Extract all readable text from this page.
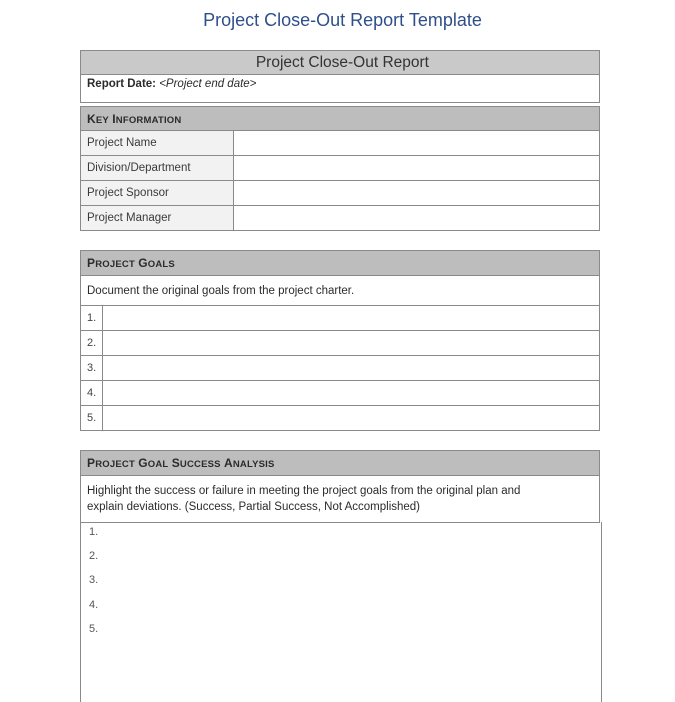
Project Close-Out Report Template
Project Close-Out Report
Report Date: <Project end date>
KEY INFORMATION	
Project Name	
Division/Department	
Project Sponsor	
Project Manager	
PROJECT GOALS	
Document the original goals from the project charter.	
1.	
2.	
3.	
4.	
5.	
PROJECT GOAL SUCCESS ANALYSIS

Highlight the success or failure in meeting the project goals from the original plan and
explain deviations. (Success, Partial Success, Not Accomplished)
1.
2.
3.
4.
5.
